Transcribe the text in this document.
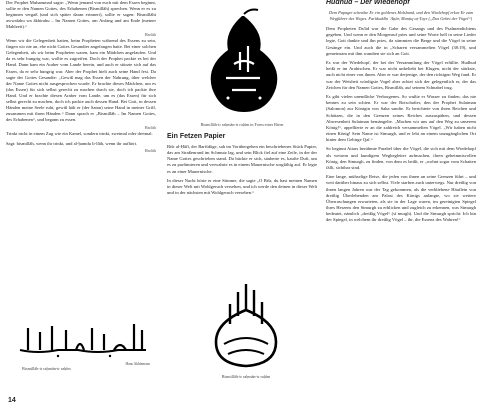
Der Prophet Muhammad sagte: „Wenn jemand von euch mit dem Essen beginnt, sollte er den Namen Gottes, des Erhabenen (Bismillāh) sprechen. Wenn er es zu beginnen vergaß (und sich später daran erinnert), sollte er sagen: Bismillāhi awwalahu wa ākhirahu – Im Namen Gottes, am Anfang und am Ende (meiner Mahlzeit).“

Hadith

Wenn wir die Gelegenheit hatten, beim Propheten während des Essens zu sein, fingen wir nie an, ehe nicht Gottes Gesandter angefangen hatte. Bei einer solchen Gelegenheit, als wir beim Propheten waren, kam ein Mädchen angelaufen. Und da es sehr hungrig war, wollte es zugreifen. Doch der Prophet packte es bei der Hand. Dann kam ein Araber vom Lande herein, und auch er stürzte sich auf das Essen, da er sehr hungrig war. Aber der Prophet hielt auch seine Hand fest. Da sagte der Gottes Gesandte: „Gewiß mag das Essen der Nahrung, über welcher der Name Gottes nicht ausgesprochen wurde. Er brachte dieses Mädchen, um es (das Essen) für sich selbst gerecht zu machen durch sie, doch ich packte ihre Hand. Und er brachte diesen Araber vom Lande, um es (das Essen) für sich selbst gerecht zu machen, doch ich packte auch dessen Hand. Bei Gott, in dessen Händen meine Seele ruht, gewiß hält er (der Satan) seine Hand in meiner Griff, zusammen mit ihren Händen.“ Dann sprach er „Bismillāh – Im Namen Gottes, des Erhabenen“, und begann zu essen.

Hadith

Trinkt nicht in einem Zug wie ein Kamel, sondern trinkt, zweimal oder dreimal.

Sagt: bismillāh, wenn ihr trinkt, und al-ḥamdu li-llāh, wenn ihr aufhört.

Hadith
Bismillāh-ir raḥmān-ir raḥīm
Hans Akhtemans
Bismillāh-ir raḥmān-ir raḥīm in Form einer Birne
Ein Fetzen Papier

Bišr al-Ḥāfī, der Barfüßige, sah im Vorübergehen ein beschriebenes Stück Papier, das am Straßenrand im Schmutz lag, und sein Blick fiel auf eine Zeile, in der der Name Gottes geschrieben stand. Da bückte er sich, säuberte es, kaufte Duft, um es zu parfümieren und verwahrte es in einem Mauernische sorgfältig auf. Er legte es an einer Mauernische.

In dieser Nacht hörte er eine Stimme, die sagte „O Bišr, du hast meinen Namen in dieser Welt mit Wohlgeruch versehen, und ich werde den deinen in dieser Welt und in der nächsten mit Wohlgeruch versehen.“

Bismillāh-ir raḥmān-ir raḥīm
Hudhud – Der Wiedehopf
Dem Papagei schenkte Er ein goldenes Halsband, und den Wiedehopf erkor Er zum Wegführer des Weges. Farīduddīn ʿAṭṭār, Manṭiq aṭ-Ṭayr („Das Gebet der Vögel“)

Dem Propheten Da'ūd war die Gabe des Gesangs und des Psalmendichtens gegeben. Und wenn er den Morgenruf pries und seine Worte hell in seine Lieder legte, Gott dankte und ihn pries, da stimmten die Berge und die Vögel in seine Gesänge ein. Und auch die in „Scharen versammelten Vögel (38:19), und gemeinsam mit ihm wandten sie sich an Gott.

Es war der Wiedehopf, der bei der Versammlung der Vögel erfüllte. Hudhud heißt er im Arabischen. Er war nicht unbeliebt bei Klugen, nicht der stärkste, auch nicht einer von ihnen. Aber er war derjenige, der den richtigen Weg fand. Er war der Weisheit würdigste Vogel aber achtet sich der gelegentlich er, der das Zeichen für den Namen Gottes, Bismillāh, auf seinem Schnabel trug.

Es gibt vielen unendliche Verborgenes. So wußte er Wasser zu finden, das nie kennes zu sein schien. Er war der Botschafter, den der Prophet Sulaiman (Salomon) zur Königin von Saba sandte. Er berichtete von ihren Reichen und Schätzen, die in den Grenzen seines Reiches auszuspähen, und dessen Abwesenheit Sulaiman bemängelte. „Machen wir uns auf den Weg zu unserem König!“, appellierte er an die zahlreich versammelten Vögel. „Wir haben nicht einen König! Sein Name ist Simurgh, und er lebt an einem unzugänglichen Ort hinter dem Gebirge Qaf.“

So beginnt Attars berühmte Parabel über die Vögel, die sich mit dem Wiedehopf als weisem und kundigem Wegbegleiter aufmachen, ihren geheimnisvollen König, den Simurgh, zu finden, von dem es heißt, er „wohnt sogar vom Schatten fällt, sichtbar sind.

Eine lange, mühselige Reise, die jeden von ihnen an seine Grenzen führt – und weit darüber hinaus zu sich selbst. Viele starben auch unterwegs. Nur dreißig von ihnen langen Jahren war der Tag gekommen, als die verbliebene Häuflein von dreißig Überlebenden am Palast des Königs anlangte, wo sie weitere Überraschungen erwarteten, als sie in der Lage waren, im gereinigten Spiegel ihres Herzens den Simurgh zu erblicken und zugleich zu erkennen, was Simurgh bedeutet, nämlich „dreißig Vögel“ (sī murgh). Und die Simurgh spricht: Ich bin der Spiegel, in welchem ihr dreißig Vögel – ihr, die Essenz des Wahren!“

14
